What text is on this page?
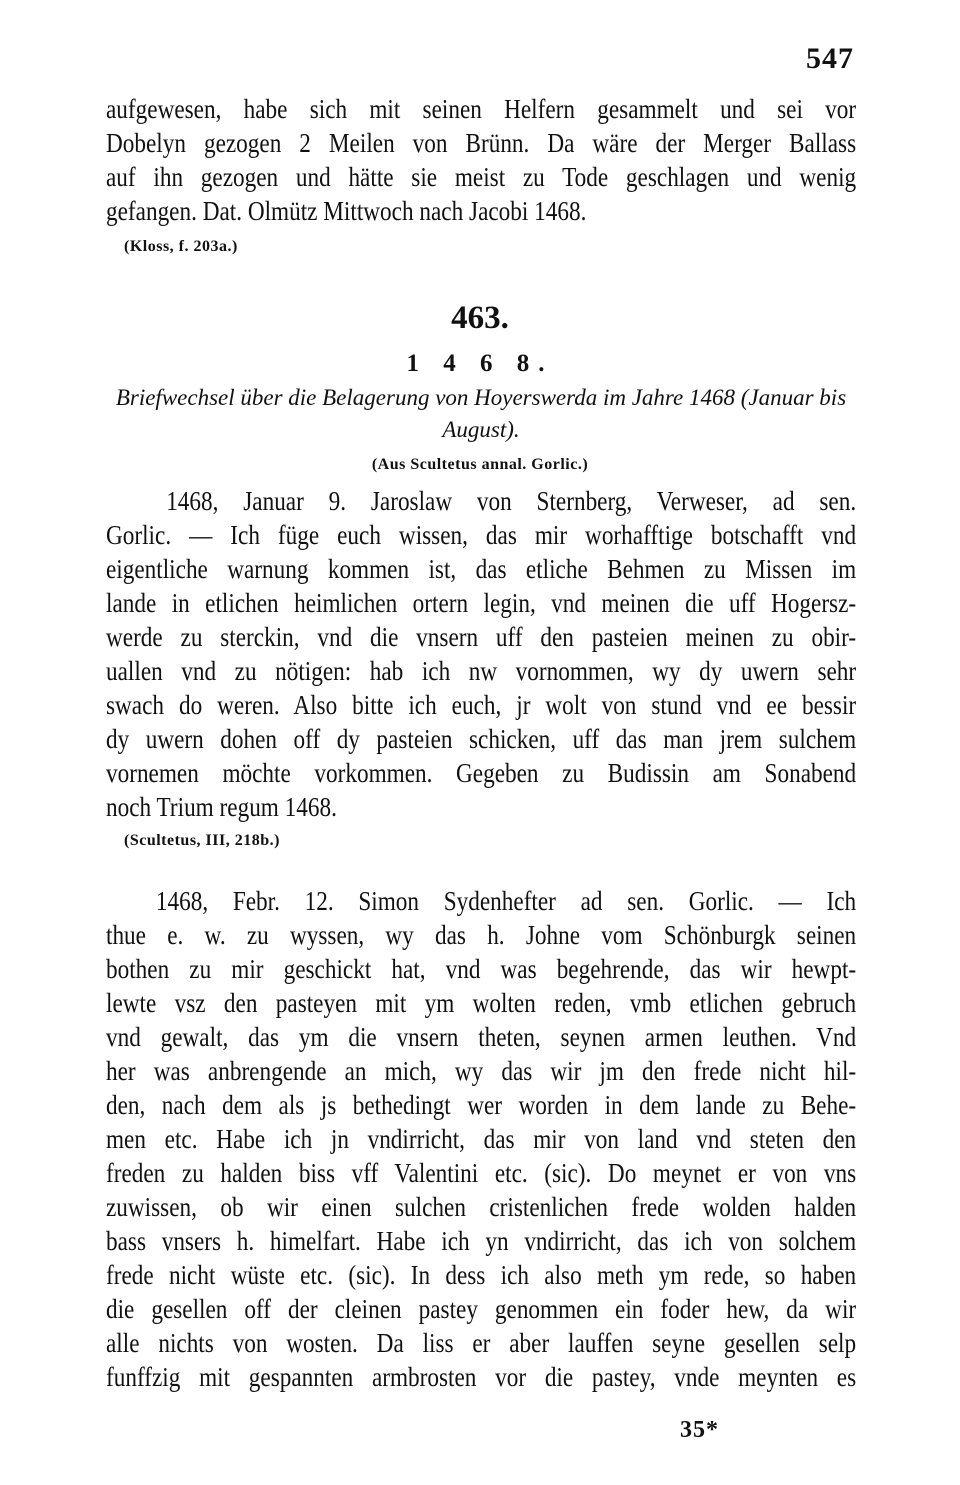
547
aufgewesen, habe sich mit seinen Helfern gesammelt und sei vor
Dobelyn gezogen 2 Meilen von Brünn. Da wäre der Merger Ballass
auf ihn gezogen und hätte sie meist zu Tode geschlagen und wenig
gefangen. Dat. Olmütz Mittwoch nach Jacobi 1468.
(Kloss, f. 203a.)
463.
1 4 6 8.
Briefwechsel über die Belagerung von Hoyerswerda im Jahre 1468 (Januar bis August).
(Aus Scultetus annal. Gorlic.)
1468, Januar 9. Jaroslaw von Sternberg, Verweser, ad sen.
Gorlic. — Ich füge euch wissen, das mir worhafftige botschafft vnd
eigentliche warnung kommen ist, das etliche Behmen zu Missen im
lande in etlichen heimlichen ortern legin, vnd meinen die uff Hogersz-
werde zu sterckin, vnd die vnsern uff den pasteien meinen zu obir-
uallen vnd zu nötigen: hab ich nw vornommen, wy dy uwern sehr
swach do weren. Also bitte ich euch, jr wolt von stund vnd ee bessir
dy uwern dohen off dy pasteien schicken, uff das man jrem sulchem
vornemen möchte vorkommen. Gegeben zu Budissin am Sonabend
noch Trium regum 1468.
(Scultetus, III, 218b.)
1468, Febr. 12. Simon Sydenhefter ad sen. Gorlic. — Ich
thue e. w. zu wyssen, wy das h. Johne vom Schönburgk seinen
bothen zu mir geschickt hat, vnd was begehrende, das wir hewpt-
lewte vsz den pasteyen mit ym wolten reden, vmb etlichen gebruch
vnd gewalt, das ym die vnsern theten, seynen armen leuthen. Vnd
her was anbrengende an mich, wy das wir jm den frede nicht hil-
den, nach dem als js bethedingt wer worden in dem lande zu Behe-
men etc. Habe ich jn vndirricht, das mir von land vnd steten den
freden zu halden biss vff Valentini etc. (sic). Do meynet er von vns
zuwissen, ob wir einen sulchen cristenlichen frede wolden halden
bass vnsers h. himelfart. Habe ich yn vndirricht, das ich von solchem
frede nicht wüste etc. (sic). In dess ich also meth ym rede, so haben
die gesellen off der cleinen pastey genommen ein foder hew, da wir
alle nichts von wosten. Da liss er aber lauffen seyne gesellen selp
funffzig mit gespannten armbrosten vor die pastey, vnde meynten es
35*
